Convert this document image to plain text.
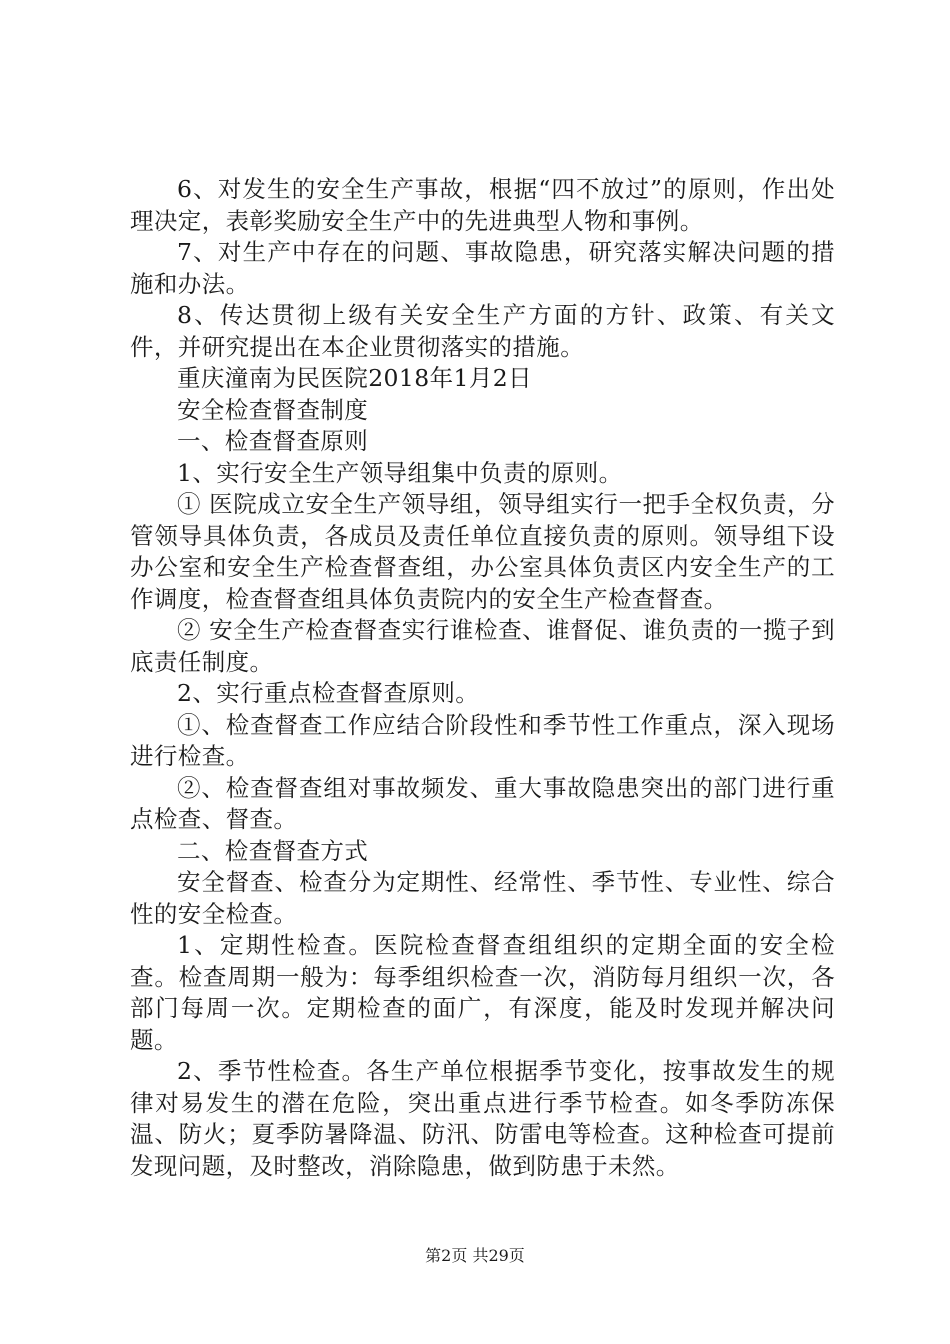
6、对发生的安全生产事故，根据“四不放过”的原则，作出处理决定，表彰奖励安全生产中的先进典型人物和事例。

7、对生产中存在的问题、事故隐患，研究落实解决问题的措施和办法。

8、传达贯彻上级有关安全生产方面的方针、政策、有关文件，并研究提出在本企业贯彻落实的措施。

重庆潼南为民医院2018年1月2日

安全检查督查制度

一、检查督查原则

1、实行安全生产领导组集中负责的原则。

① 医院成立安全生产领导组，领导组实行一把手全权负责，分管领导具体负责，各成员及责任单位直接负责的原则。领导组下设办公室和安全生产检查督查组，办公室具体负责区内安全生产的工作调度，检查督查组具体负责院内的安全生产检查督查。

② 安全生产检查督查实行谁检查、谁督促、谁负责的一揽子到底责任制度。

2、实行重点检查督查原则。

①、检查督查工作应结合阶段性和季节性工作重点，深入现场进行检查。

②、检查督查组对事故频发、重大事故隐患突出的部门进行重点检查、督查。

二、检查督查方式

安全督查、检查分为定期性、经常性、季节性、专业性、综合性的安全检查。

1、定期性检查。医院检查督查组组织的定期全面的安全检查。检查周期一般为：每季组织检查一次，消防每月组织一次，各部门每周一次。定期检查的面广，有深度，能及时发现并解决问题。

2、季节性检查。各生产单位根据季节变化，按事故发生的规律对易发生的潜在危险，突出重点进行季节检查。如冬季防冻保温、防火；夏季防暑降温、防汛、防雷电等检查。这种检查可提前发现问题，及时整改，消除隐患，做到防患于未然。

第2页 共29页
